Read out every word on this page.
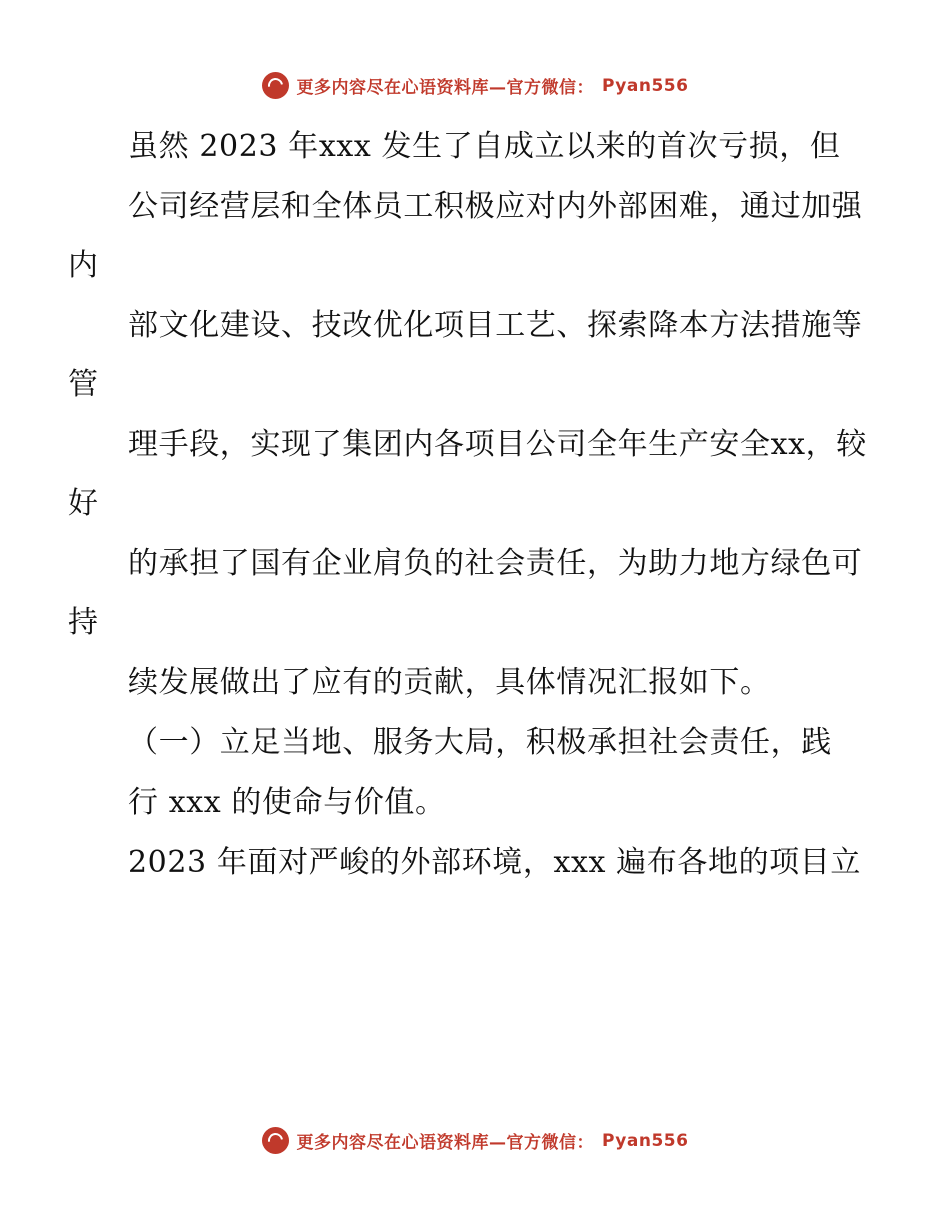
更多内容尽在心语资料库—官方微信： Pyan556

虽然 2023 年xxx 发生了自成立以来的首次亏损，但

公司经营层和全体员工积极应对内外部困难，通过加强内

部文化建设、技改优化项目工艺、探索降本方法措施等管

理手段，实现了集团内各项目公司全年生产安全xx，较好

的承担了国有企业肩负的社会责任，为助力地方绿色可持

续发展做出了应有的贡献，具体情况汇报如下。

（一）立足当地、服务大局，积极承担社会责任，践

行 xxx 的使命与价值。

2023 年面对严峻的外部环境，xxx 遍布各地的项目立

更多内容尽在心语资料库—官方微信： Pyan556
